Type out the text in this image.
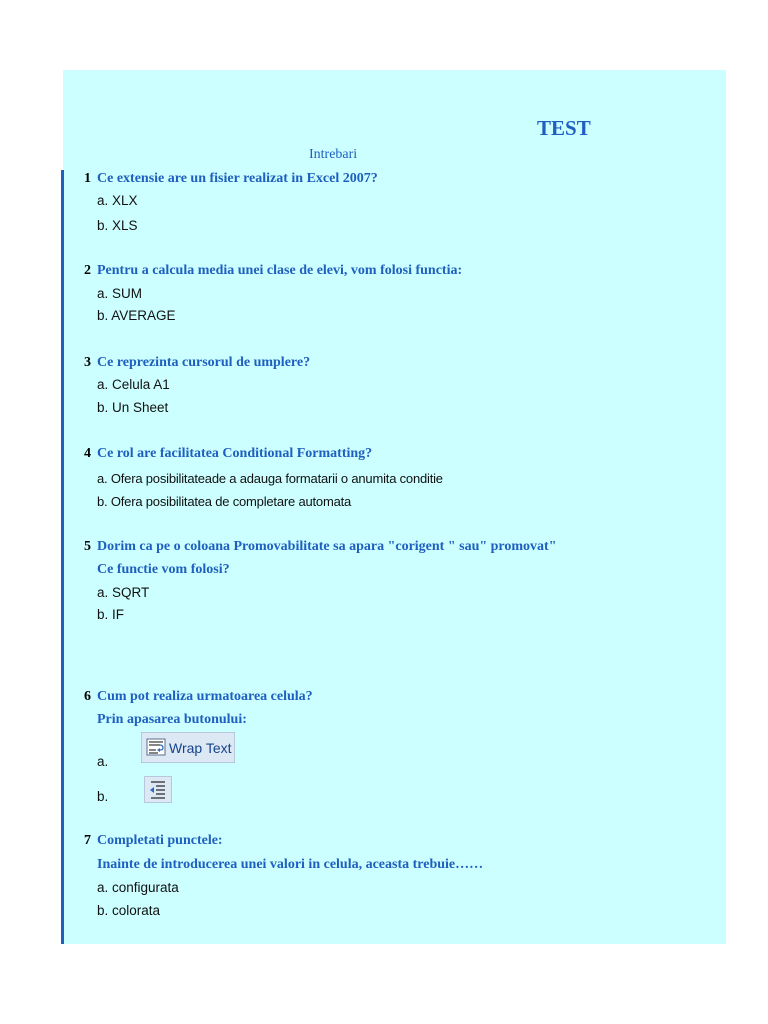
TEST
Intrebari
1 Ce extensie are un fisier realizat in Excel 2007?
a. XLX
b. XLS
2 Pentru a calcula media unei clase de elevi, vom folosi functia:
a. SUM
b. AVERAGE
3 Ce reprezinta cursorul de umplere?
a. Celula A1
b. Un Sheet
4 Ce rol are facilitatea Conditional Formatting?
a. Ofera posibilitateade a adauga formatarii o anumita conditie
b. Ofera posibilitatea de completare automata
5 Dorim ca pe o coloana Promovabilitate sa apara "corigent " sau" promovat"
Ce functie vom folosi?
a. SQRT
b. IF
6 Cum pot realiza urmatoarea celula?
Prin apasarea butonului:
a.
b.
Wrap Text
7 Completati punctele:
Inainte de introducerea unei valori in celula, aceasta trebuie……
a. configurata
b. colorata
